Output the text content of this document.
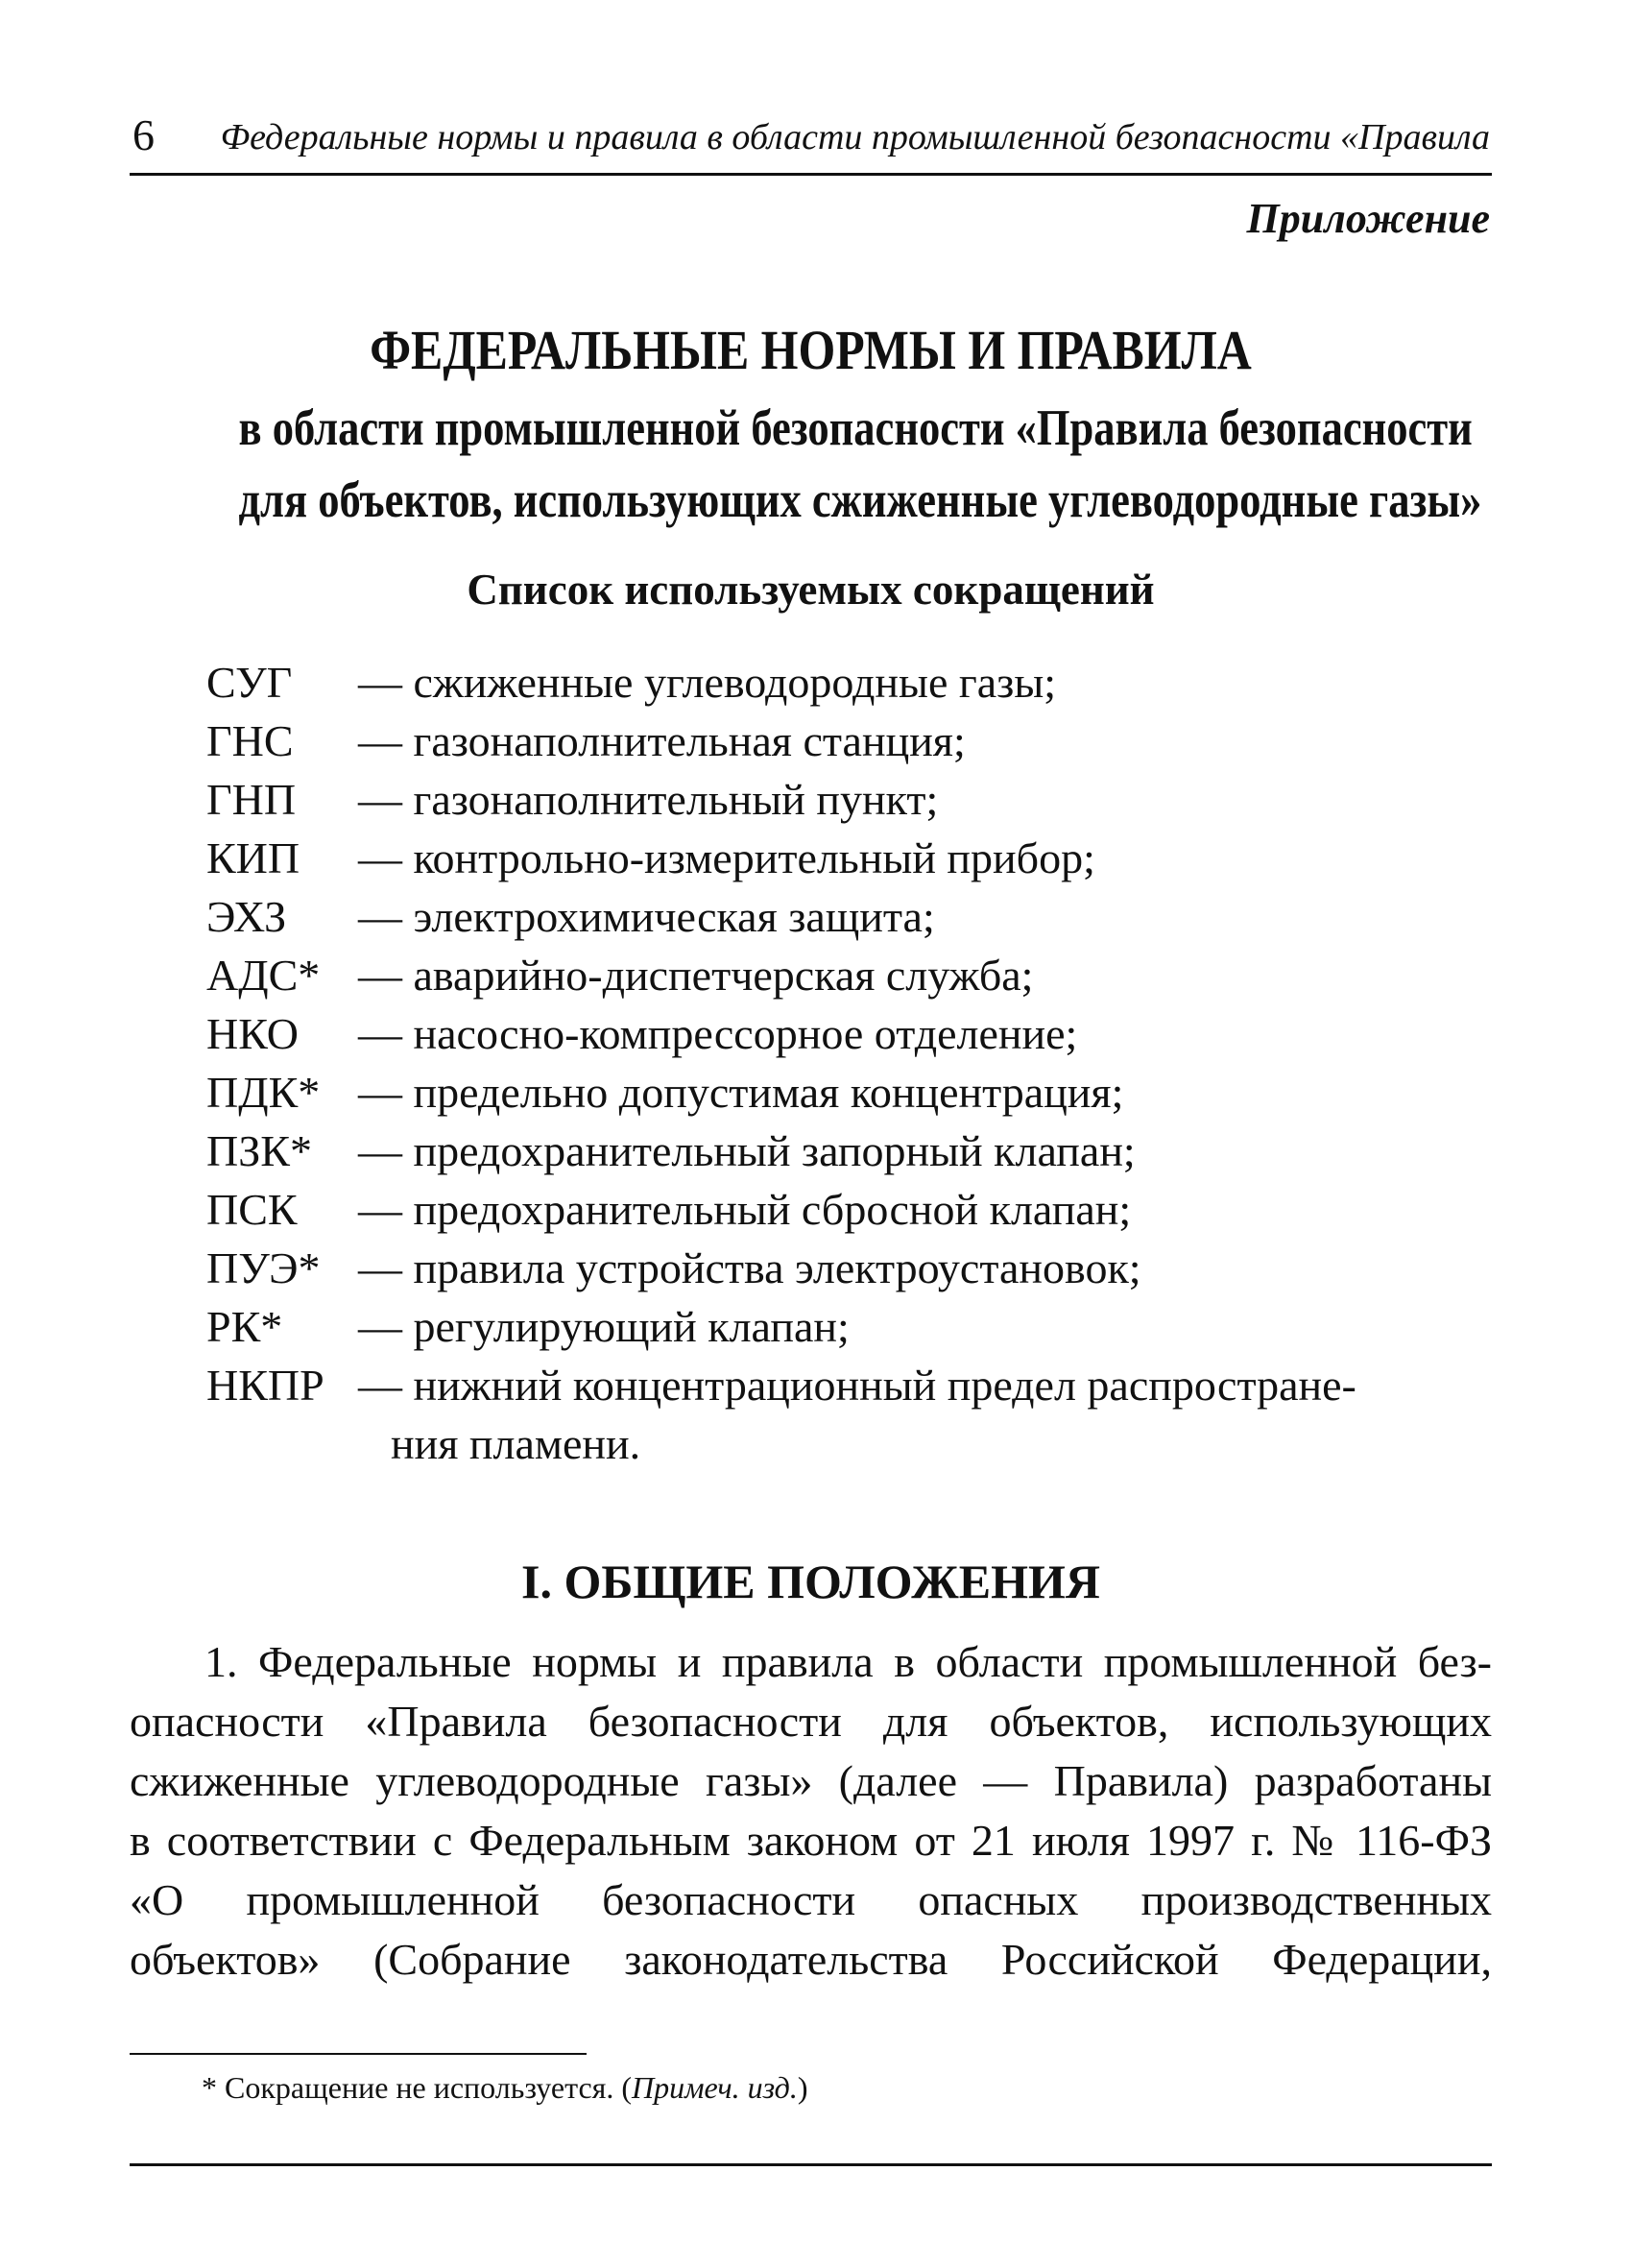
6 Федеральные нормы и правила в области промышленной безопасности «Правила
Приложение
ФЕДЕРАЛЬНЫЕ НОРМЫ И ПРАВИЛА
в области промышленной безопасности «Правила безопасности
для объектов, использующих сжиженные углеводородные газы»
Список используемых сокращений
СУГ	— сжиженные углеводородные газы;
ГНС	— газонаполнительная станция;
ГНП	— газонаполнительный пункт;
КИП	— контрольно-измерительный прибор;
ЭХЗ	— электрохимическая защита;
АДС* — аварийно-диспетчерская служба;
НКО	— насосно-компрессорное отделение;
ПДК* — предельно допустимая концентрация;
ПЗК*	— предохранительный запорный клапан;
ПСК	— предохранительный сбросной клапан;
ПУЭ* — правила устройства электроустановок;
РК*	— регулирующий клапан;
НКПР — нижний концентрационный предел распростране-
ния пламени.
I. ОБЩИЕ ПОЛОЖЕНИЯ
1. Федеральные нормы и правила в области промышленной без-
опасности «Правила безопасности для объектов, использующих
сжиженные углеводородные газы» (далее — Правила) разработаны
в соответствии с Федеральным законом от 21 июля 1997 г. № 116-ФЗ
«О промышленной безопасности опасных производственных
объектов» (Собрание законодательства Российской Федерации,
* Сокращение не используется. (Примеч. изд.)
